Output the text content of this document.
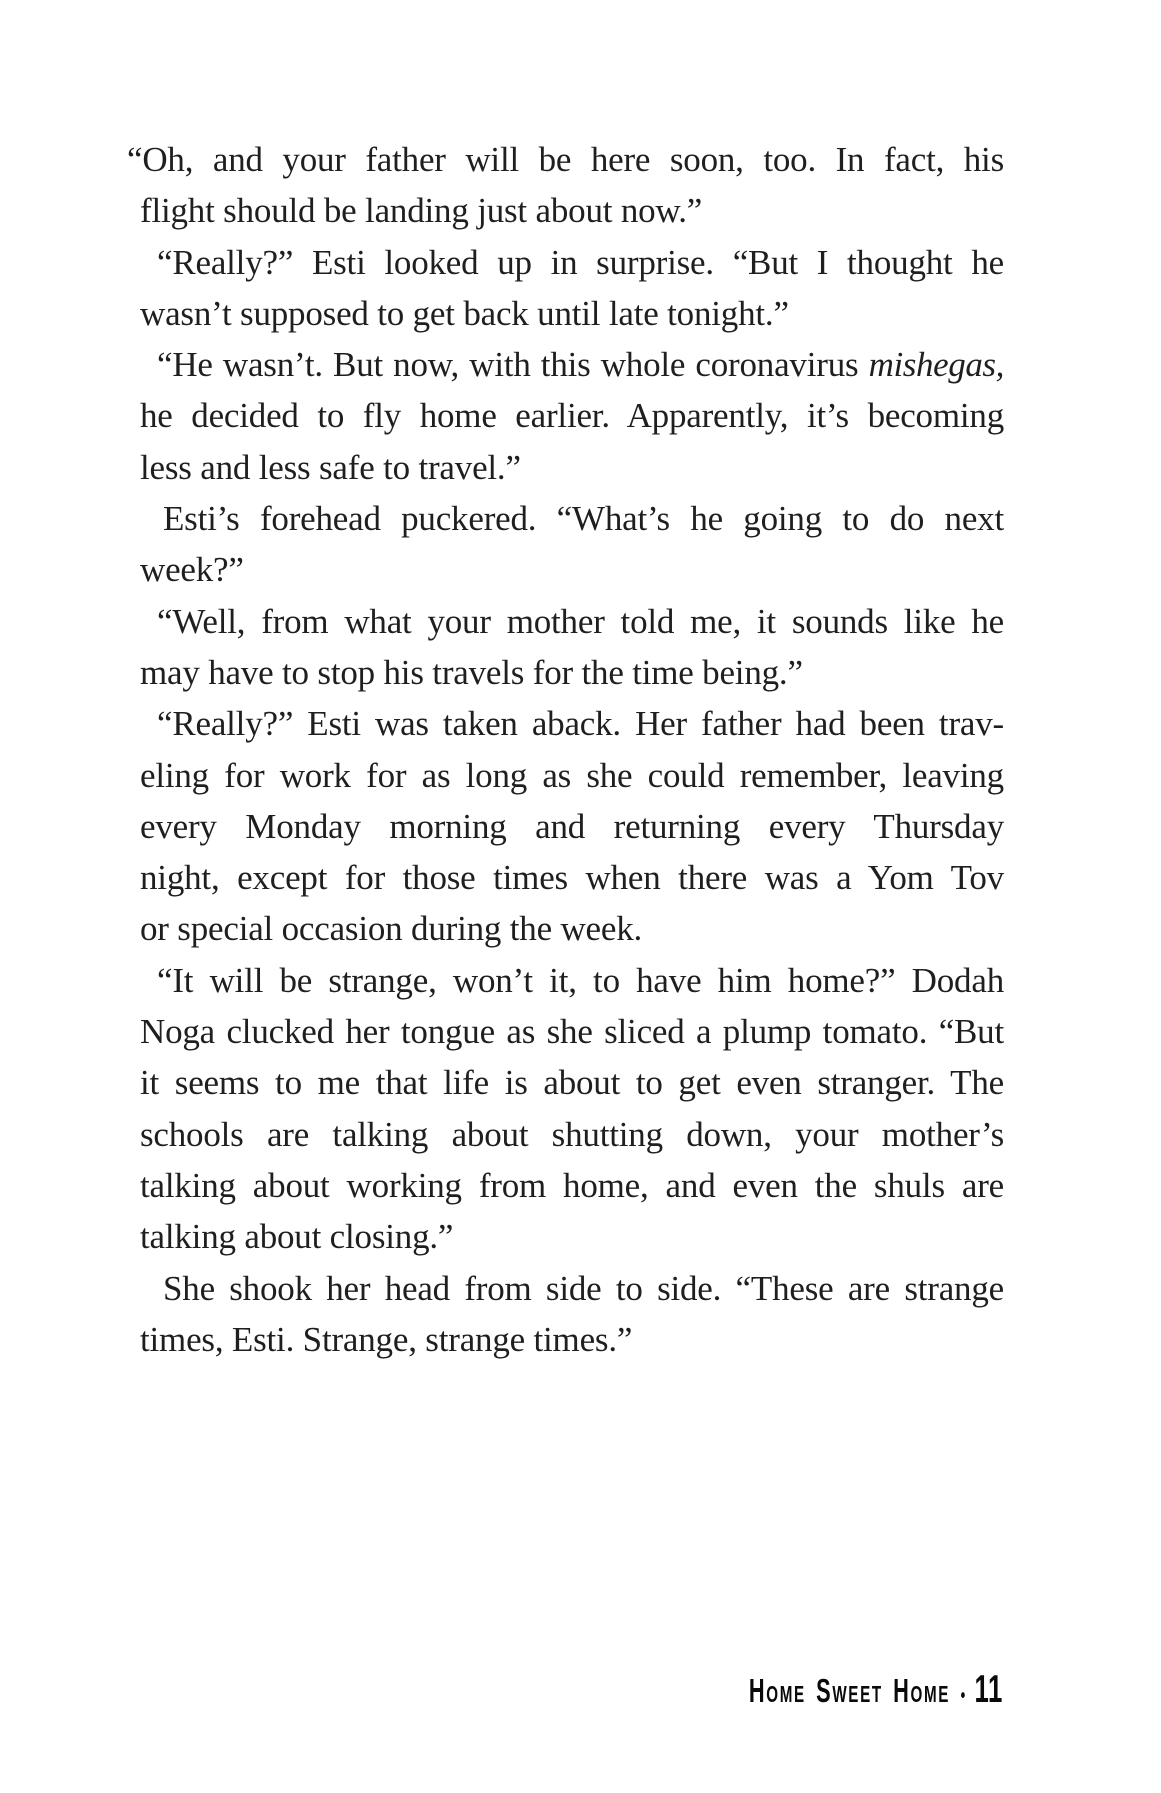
“Oh, and your father will be here soon, too. In fact, his
flight should be landing just about now.”
“Really?” Esti looked up in surprise. “But I thought he
wasn’t supposed to get back until late tonight.”
“He wasn’t. But now, with this whole coronavirus mishegas,
he decided to fly home earlier. Apparently, it’s becoming
less and less safe to travel.”
Esti’s forehead puckered. “What’s he going to do next
week?”
“Well, from what your mother told me, it sounds like he
may have to stop his travels for the time being.”
“Really?” Esti was taken aback. Her father had been trav-
eling for work for as long as she could remember, leaving
every Monday morning and returning every Thursday
night, except for those times when there was a Yom Tov
or special occasion during the week.
“It will be strange, won’t it, to have him home?” Dodah
Noga clucked her tongue as she sliced a plump tomato. “But
it seems to me that life is about to get even stranger. The
schools are talking about shutting down, your mother’s
talking about working from home, and even the shuls are
talking about closing.”
She shook her head from side to side. “These are strange
times, Esti. Strange, strange times.”
Home Sweet Home • 11
